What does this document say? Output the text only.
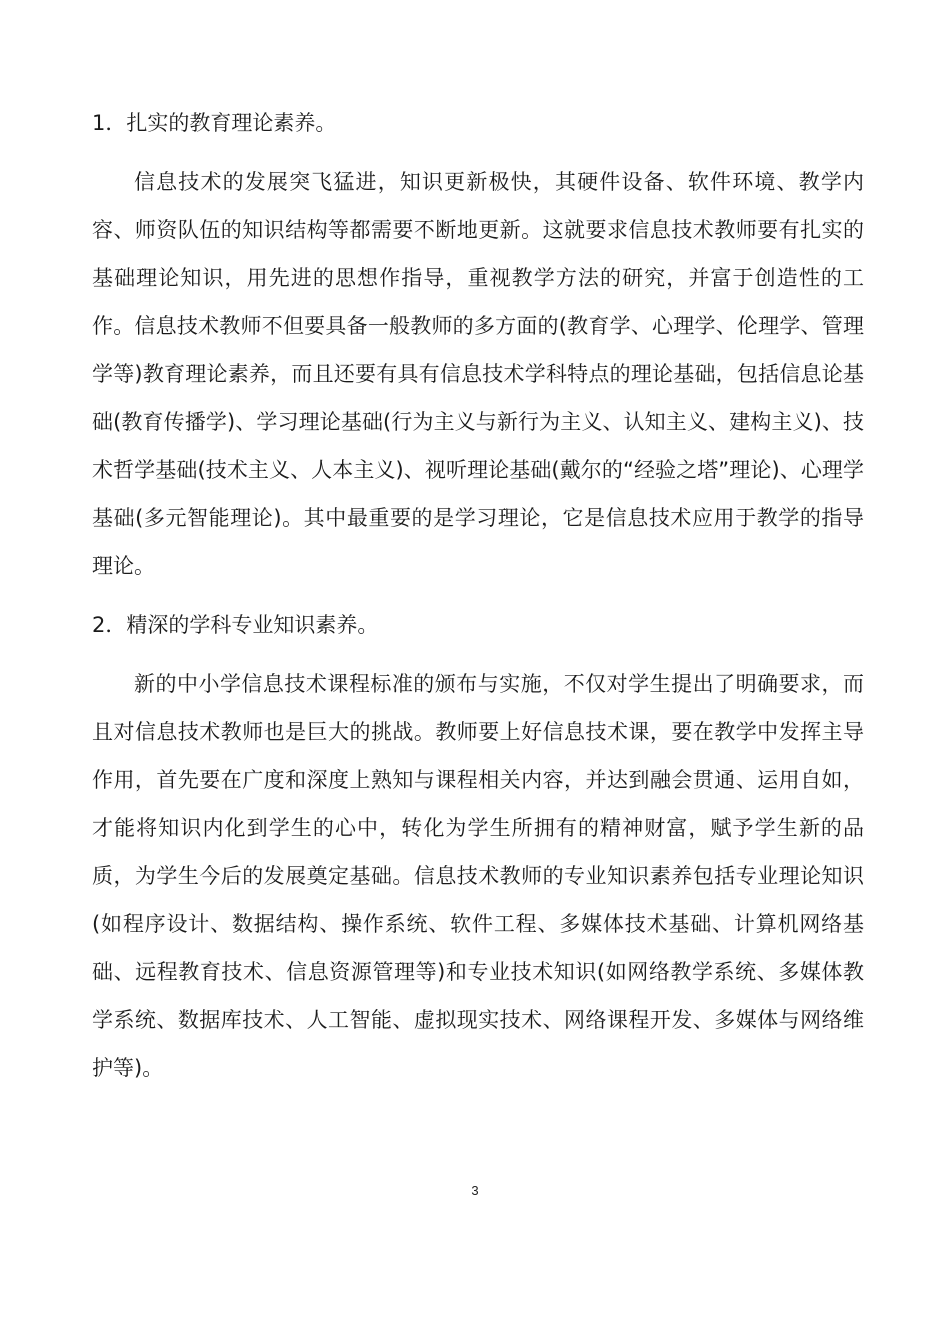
1．扎实的教育理论素养。

信息技术的发展突飞猛进，知识更新极快，其硬件设备、软件环境、教学内容、师资队伍的知识结构等都需要不断地更新。这就要求信息技术教师要有扎实的基础理论知识，用先进的思想作指导，重视教学方法的研究，并富于创造性的工作。信息技术教师不但要具备一般教师的多方面的(教育学、心理学、伦理学、管理学等)教育理论素养，而且还要有具有信息技术学科特点的理论基础，包括信息论基础(教育传播学)、学习理论基础(行为主义与新行为主义、认知主义、建构主义)、技术哲学基础(技术主义、人本主义)、视听理论基础(戴尔的“经验之塔”理论)、心理学基础(多元智能理论)。其中最重要的是学习理论，它是信息技术应用于教学的指导理论。

2．精深的学科专业知识素养。

新的中小学信息技术课程标准的颁布与实施，不仅对学生提出了明确要求，而且对信息技术教师也是巨大的挑战。教师要上好信息技术课，要在教学中发挥主导作用，首先要在广度和深度上熟知与课程相关内容，并达到融会贯通、运用自如，才能将知识内化到学生的心中，转化为学生所拥有的精神财富，赋予学生新的品质，为学生今后的发展奠定基础。信息技术教师的专业知识素养包括专业理论知识(如程序设计、数据结构、操作系统、软件工程、多媒体技术基础、计算机网络基础、远程教育技术、信息资源管理等)和专业技术知识(如网络教学系统、多媒体教学系统、数据库技术、人工智能、虚拟现实技术、网络课程开发、多媒体与网络维护等)。

3
